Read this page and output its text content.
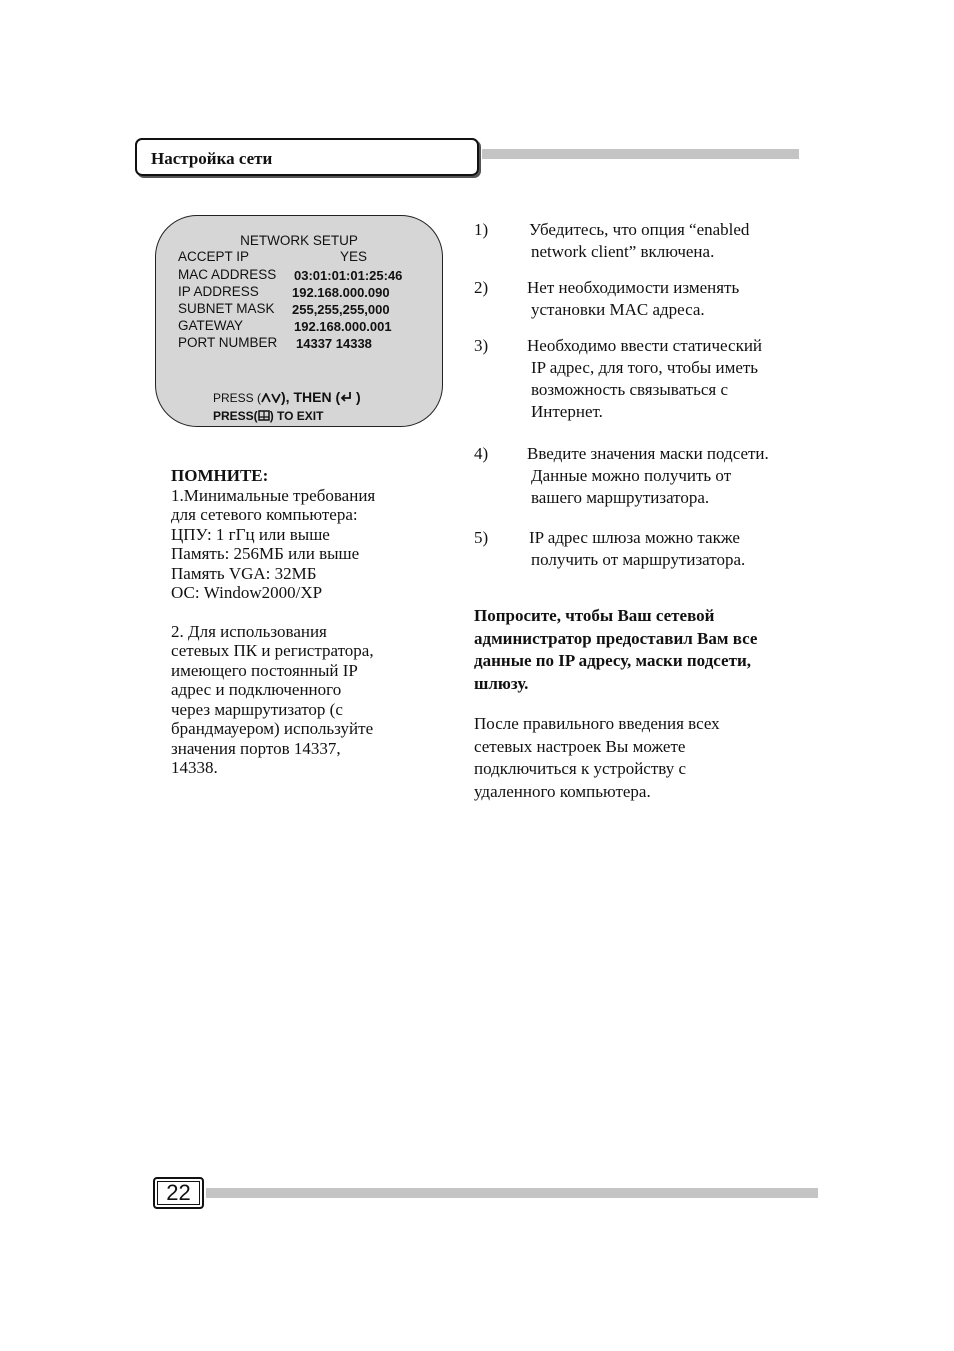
Настройка сети
NETWORK SETUP
ACCEPT IP	YES
MAC ADDRESS 03:01:01:01:25:46
IP ADDRESS	192.168.000.090
SUBNET MASK 255,255,255,000
GATEWAY	192.168.000.001
PORT NUMBER 14337 14338
PRESS ( ), THEN ( )
PRESS( ) TO EXIT

ПОМНИТЕ:

1.Минимальные требования

для сетевого компьютера:

ЦПУ: 1 гГц или выше

Память: 256МБ или выше

Память VGA: 32МБ

ОС: Window2000/XP

2. Для использования

сетевых ПК и регистратора,

имеющего постоянный IP

адрес и подключенного

через маршрутизатор (с

брандмауером) используйте

значения портов 14337,

14338.

1) Убедитесь, что опция “enabled
network client” включена.
2) Нет необходимости изменять
установки MAC адреса.
3) Необходимо ввести статический
IP адрес, для того, чтобы иметь
возможность связываться с
Интернет.
4) Введите значения маски подсети.
Данные можно получить от
вашего маршрутизатора.
5) IP адрес шлюза можно также
получить от маршрутизатора.
Попросите, чтобы Ваш сетевой
администратор предоставил Вам все
данные по IP адресу, маски подсети,
шлюзу.
После правильного введения всех
сетевых настроек Вы можете
подключиться к устройству с
удаленного компьютера.
22
